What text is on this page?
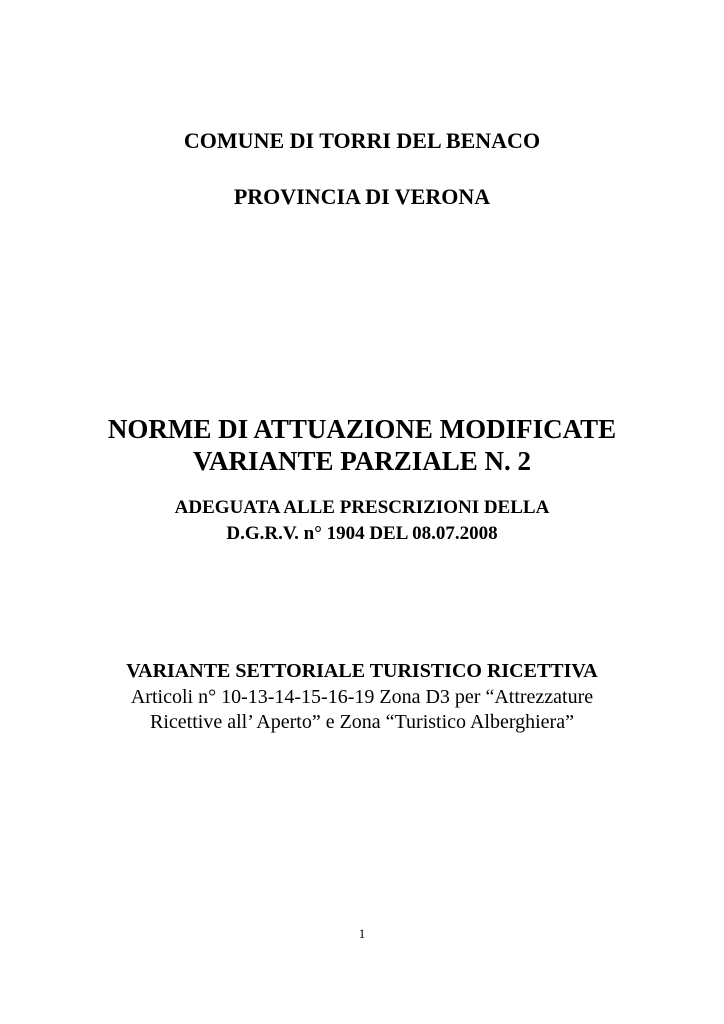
COMUNE DI TORRI DEL BENACO
PROVINCIA DI VERONA
NORME DI ATTUAZIONE MODIFICATE
VARIANTE PARZIALE N. 2
ADEGUATA ALLE PRESCRIZIONI DELLA
D.G.R.V. n° 1904 DEL 08.07.2008
VARIANTE SETTORIALE TURISTICO RICETTIVA
Articoli n° 10-13-14-15-16-19 Zona D3 per “Attrezzature
Ricettive all’ Aperto” e Zona “Turistico Alberghiera”
1
